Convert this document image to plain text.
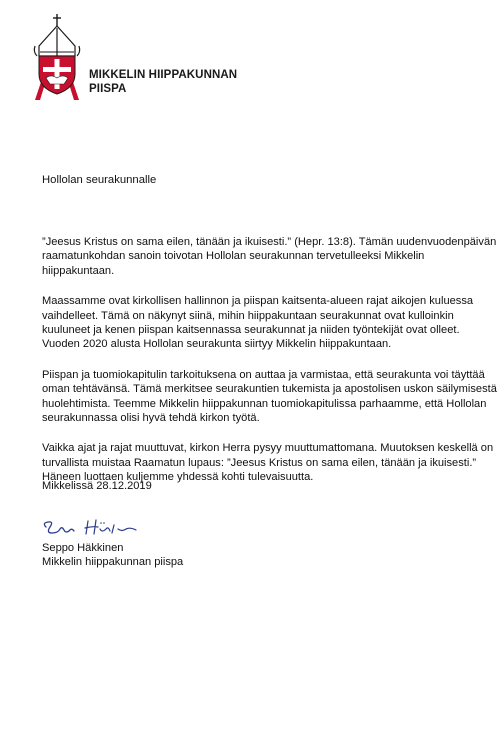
MIKKELIN HIIPPAKUNNAN
PIISPA
Hollolan seurakunnalle

”Jeesus Kristus on sama eilen, tänään ja ikuisesti.” (Hepr. 13:8). Tämän uudenvuodenpäivän
raamatunkohdan sanoin toivotan Hollolan seurakunnan tervetulleeksi Mikkelin
hiippakuntaan.

Maassamme ovat kirkollisen hallinnon ja piispan kaitsenta-alueen rajat aikojen kuluessa
vaihdelleet. Tämä on näkynyt siinä, mihin hiippakuntaan seurakunnat ovat kulloinkin
kuuluneet ja kenen piispan kaitsennassa seurakunnat ja niiden työntekijät ovat olleet.
Vuoden 2020 alusta Hollolan seurakunta siirtyy Mikkelin hiippakuntaan.

Piispan ja tuomiokapitulin tarkoituksena on auttaa ja varmistaa, että seurakunta voi täyttää
oman tehtävänsä. Tämä merkitsee seurakuntien tukemista ja apostolisen uskon säilymisestä
huolehtimista. Teemme Mikkelin hiippakunnan tuomiokapitulissa parhaamme, että Hollolan
seurakunnassa olisi hyvä tehdä kirkon työtä.

Vaikka ajat ja rajat muuttuvat, kirkon Herra pysyy muuttumattomana. Muutoksen keskellä on
turvallista muistaa Raamatun lupaus: ”Jeesus Kristus on sama eilen, tänään ja ikuisesti.”
Häneen luottaen kuljemme yhdessä kohti tulevaisuutta.

Mikkelissä 28.12.2019
Seppo Häkkinen
Mikkelin hiippakunnan piispa
